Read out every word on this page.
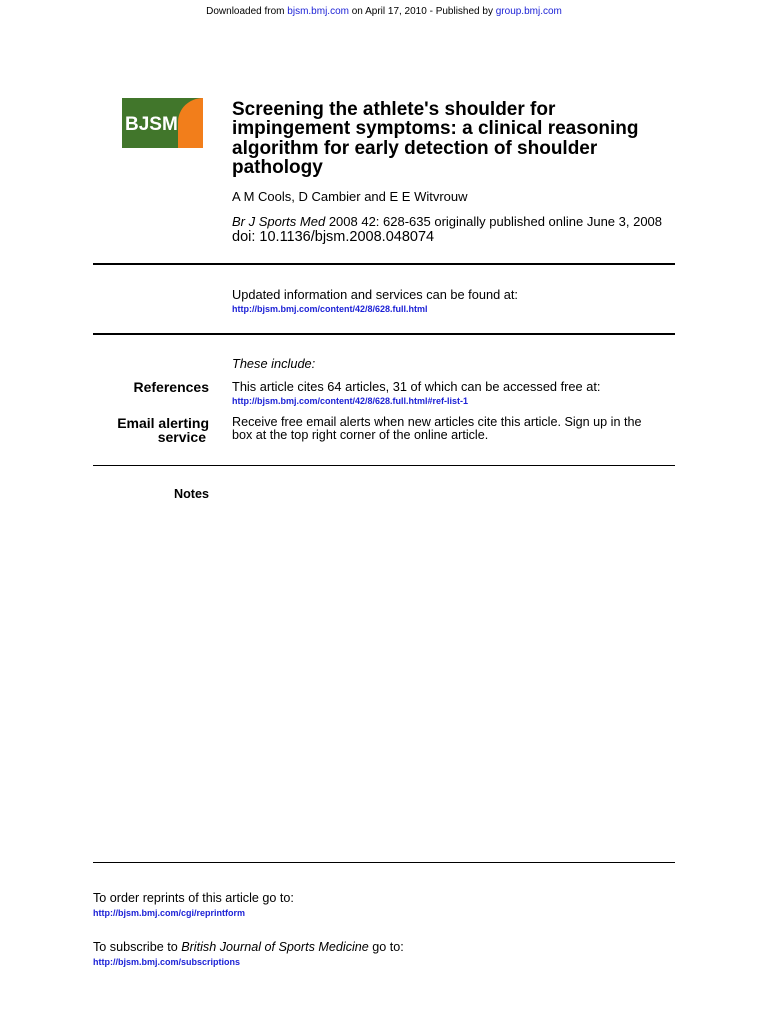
Downloaded from bjsm.bmj.com on April 17, 2010 - Published by group.bmj.com
BJSM
Screening the athlete's shoulder for
impingement symptoms: a clinical reasoning
algorithm for early detection of shoulder
pathology
A M Cools, D Cambier and E E Witvrouw
Br J Sports Med 2008 42: 628-635 originally published online June 3, 2008
doi: 10.1136/bjsm.2008.048074
Updated information and services can be found at:
http://bjsm.bmj.com/content/42/8/628.full.html
These include:
References This article cites 64 articles, 31 of which can be accessed free at:
http://bjsm.bmj.com/content/42/8/628.full.html#ref-list-1
Email alerting
service
Receive free email alerts when new articles cite this article. Sign up in the
box at the top right corner of the online article.
Notes
To order reprints of this article go to:
http://bjsm.bmj.com/cgi/reprintform
To subscribe to British Journal of Sports Medicine go to:
http://bjsm.bmj.com/subscriptions
